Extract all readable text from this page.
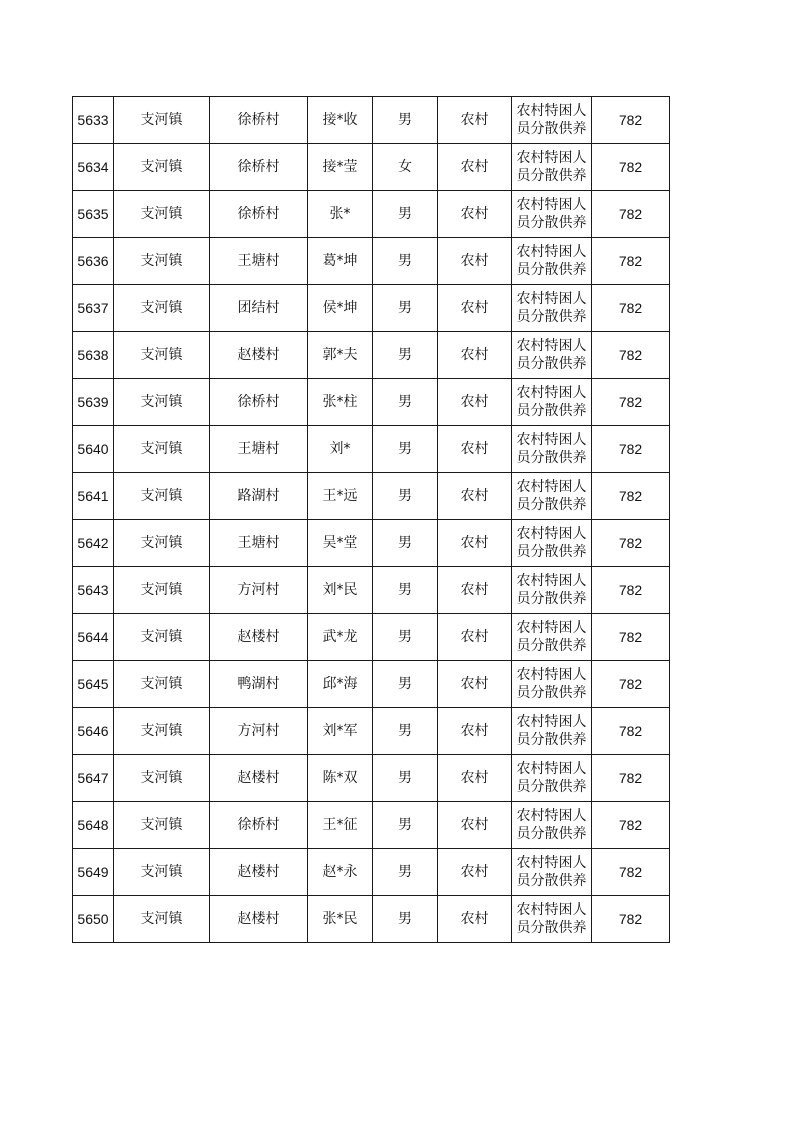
5633	支河镇	徐桥村	接*收	男	农村	农村特困人员分散供养	782
5634	支河镇	徐桥村	接*莹	女	农村	农村特困人员分散供养	782
5635	支河镇	徐桥村	张*	男	农村	农村特困人员分散供养	782
5636	支河镇	王塘村	葛*坤	男	农村	农村特困人员分散供养	782
5637	支河镇	团结村	侯*坤	男	农村	农村特困人员分散供养	782
5638	支河镇	赵楼村	郭*夫	男	农村	农村特困人员分散供养	782
5639	支河镇	徐桥村	张*柱	男	农村	农村特困人员分散供养	782
5640	支河镇	王塘村	刘*	男	农村	农村特困人员分散供养	782
5641	支河镇	路湖村	王*远	男	农村	农村特困人员分散供养	782
5642	支河镇	王塘村	吴*堂	男	农村	农村特困人员分散供养	782
5643	支河镇	方河村	刘*民	男	农村	农村特困人员分散供养	782
5644	支河镇	赵楼村	武*龙	男	农村	农村特困人员分散供养	782
5645	支河镇	鸭湖村	邱*海	男	农村	农村特困人员分散供养	782
5646	支河镇	方河村	刘*军	男	农村	农村特困人员分散供养	782
5647	支河镇	赵楼村	陈*双	男	农村	农村特困人员分散供养	782
5648	支河镇	徐桥村	王*征	男	农村	农村特困人员分散供养	782
5649	支河镇	赵楼村	赵*永	男	农村	农村特困人员分散供养	782
5650	支河镇	赵楼村	张*民	男	农村	农村特困人员分散供养	782
